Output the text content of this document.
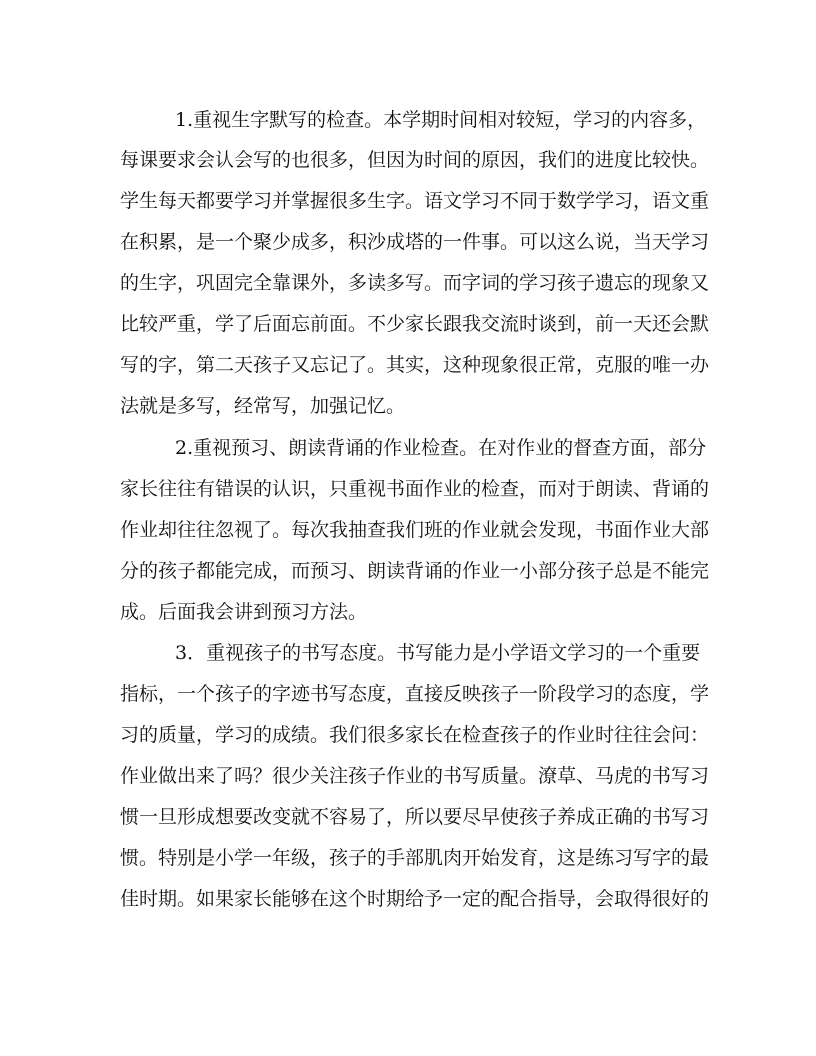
1.重视生字默写的检查。本学期时间相对较短，学习的内容多，

每课要求会认会写的也很多，但因为时间的原因，我们的进度比较快。

学生每天都要学习并掌握很多生字。语文学习不同于数学学习，语文重

在积累，是一个聚少成多，积沙成塔的一件事。可以这么说，当天学习

的生字，巩固完全靠课外，多读多写。而字词的学习孩子遗忘的现象又

比较严重，学了后面忘前面。不少家长跟我交流时谈到，前一天还会默

写的字，第二天孩子又忘记了。其实，这种现象很正常，克服的唯一办

法就是多写，经常写，加强记忆。

2.重视预习、朗读背诵的作业检查。在对作业的督查方面，部分

家长往往有错误的认识，只重视书面作业的检查，而对于朗读、背诵的

作业却往往忽视了。每次我抽查我们班的作业就会发现，书面作业大部

分的孩子都能完成，而预习、朗读背诵的作业一小部分孩子总是不能完

成。后面我会讲到预习方法。

3．重视孩子的书写态度。书写能力是小学语文学习的一个重要

指标，一个孩子的字迹书写态度，直接反映孩子一阶段学习的态度，学

习的质量，学习的成绩。我们很多家长在检查孩子的作业时往往会问：

作业做出来了吗？很少关注孩子作业的书写质量。潦草、马虎的书写习

惯一旦形成想要改变就不容易了，所以要尽早使孩子养成正确的书写习

惯。特别是小学一年级，孩子的手部肌肉开始发育，这是练习写字的最

佳时期。如果家长能够在这个时期给予一定的配合指导，会取得很好的
